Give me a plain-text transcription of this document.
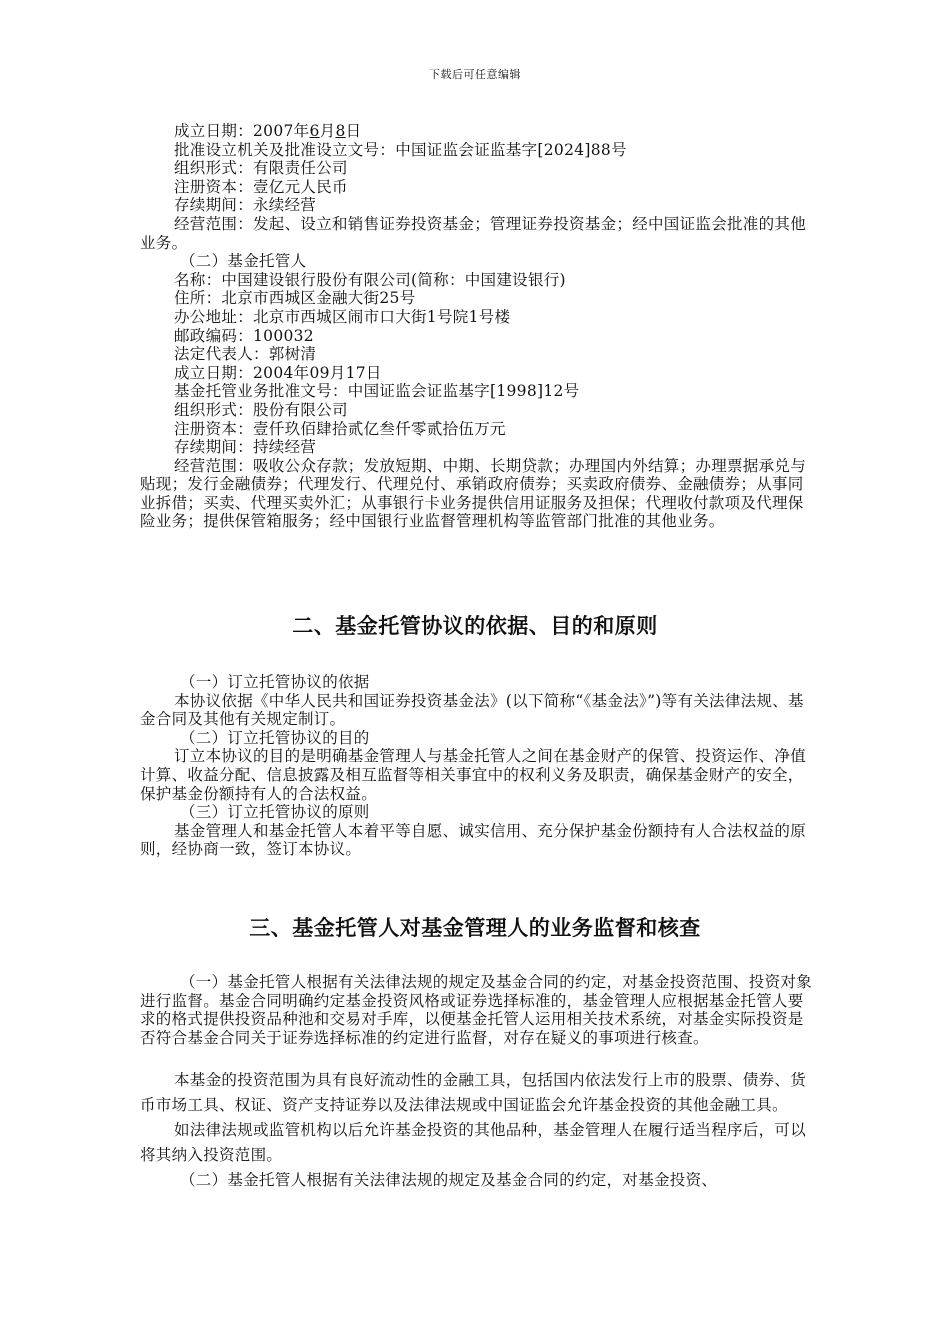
下载后可任意编辑
成立日期：2007年6月8日
批准设立机关及批准设立文号：中国证监会证监基字[2024]88号
组织形式：有限责任公司
注册资本：壹亿元人民币
存续期间：永续经营
经营范围：发起、设立和销售证券投资基金；管理证券投资基金；经中国证监会批准的其他业务。
（二）基金托管人
名称：中国建设银行股份有限公司(简称：中国建设银行)
住所：北京市西城区金融大街25号
办公地址：北京市西城区闹市口大街1号院1号楼
邮政编码：100032
法定代表人：郭树清
成立日期：2004年09月17日
基金托管业务批准文号：中国证监会证监基字[1998]12号
组织形式：股份有限公司
注册资本：壹仟玖佰肆拾贰亿叁仟零贰拾伍万元
存续期间：持续经营
经营范围：吸收公众存款；发放短期、中期、长期贷款；办理国内外结算；办理票据承兑与贴现；发行金融债券；代理发行、代理兑付、承销政府债券；买卖政府债券、金融债券；从事同业拆借；买卖、代理买卖外汇；从事银行卡业务提供信用证服务及担保；代理收付款项及代理保险业务；提供保管箱服务；经中国银行业监督管理机构等监管部门批准的其他业务。
二、基金托管协议的依据、目的和原则
（一）订立托管协议的依据
本协议依据《中华人民共和国证券投资基金法》(以下简称“《基金法》”)等有关法律法规、基金合同及其他有关规定制订。
（二）订立托管协议的目的
订立本协议的目的是明确基金管理人与基金托管人之间在基金财产的保管、投资运作、净值计算、收益分配、信息披露及相互监督等相关事宜中的权利义务及职责，确保基金财产的安全，保护基金份额持有人的合法权益。
（三）订立托管协议的原则
基金管理人和基金托管人本着平等自愿、诚实信用、充分保护基金份额持有人合法权益的原则，经协商一致，签订本协议。
三、基金托管人对基金管理人的业务监督和核查
（一）基金托管人根据有关法律法规的规定及基金合同的约定，对基金投资范围、投资对象进行监督。基金合同明确约定基金投资风格或证券选择标准的，基金管理人应根据基金托管人要求的格式提供投资品种池和交易对手库，以便基金托管人运用相关技术系统，对基金实际投资是否符合基金合同关于证券选择标准的约定进行监督，对存在疑义的事项进行核查。
本基金的投资范围为具有良好流动性的金融工具，包括国内依法发行上市的股票、债券、货币市场工具、权证、资产支持证券以及法律法规或中国证监会允许基金投资的其他金融工具。
如法律法规或监管机构以后允许基金投资的其他品种，基金管理人在履行适当程序后，可以将其纳入投资范围。
（二）基金托管人根据有关法律法规的规定及基金合同的约定，对基金投资、
